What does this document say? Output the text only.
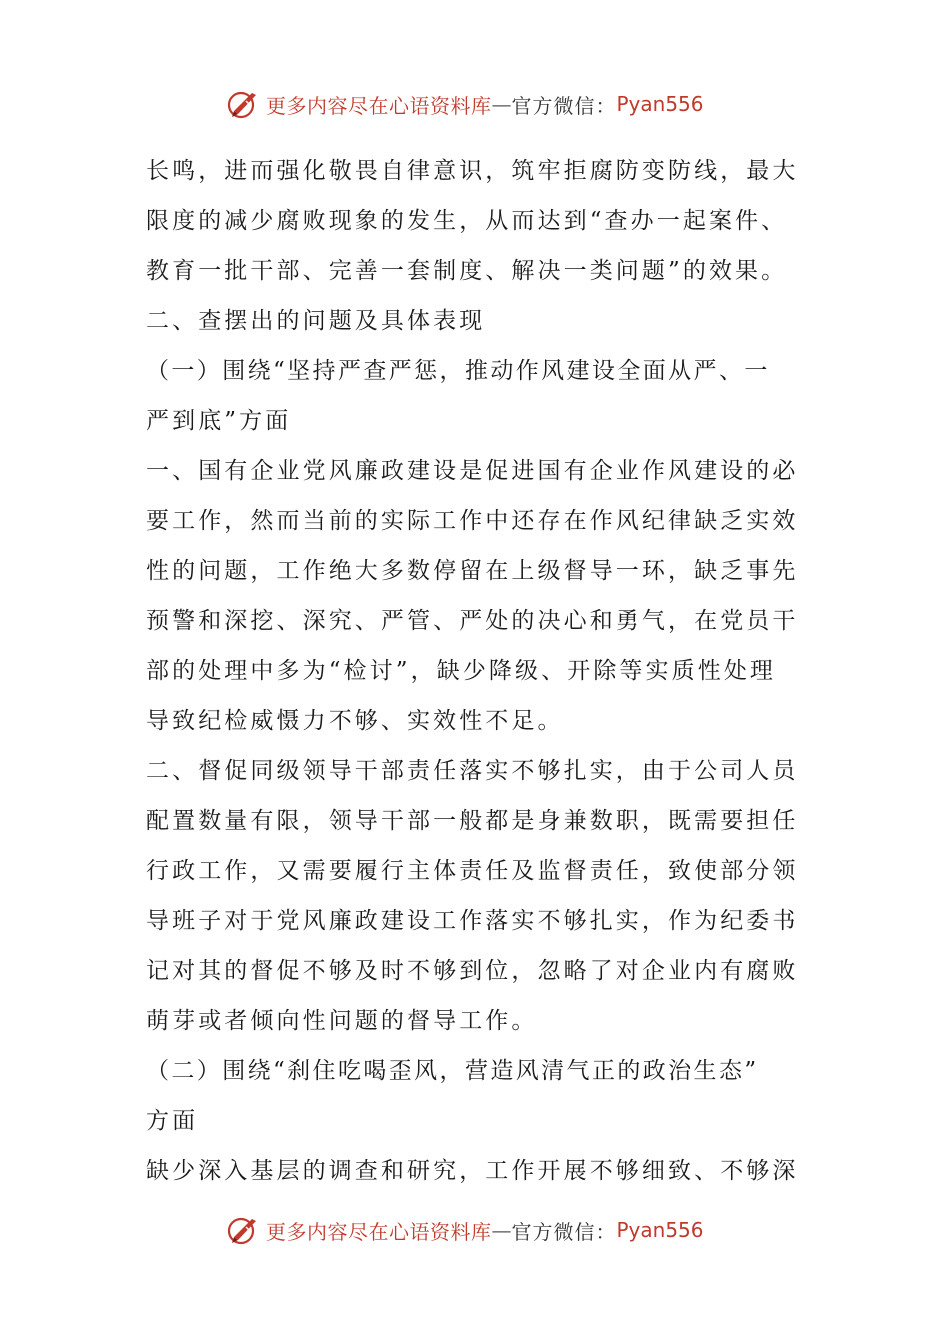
更多内容尽在心语资料库 — 官方微信： Pyan556
长鸣，进而强化敬畏自律意识，筑牢拒腐防变防线，最大
限度的减少腐败现象的发生，从而达到“查办一起案件、
教育一批干部、完善一套制度、解决一类问题”的效果。
二、查摆出的问题及具体表现
（一）围绕“坚持严查严惩，推动作风建设全面从严、一
严到底”方面
一、国有企业党风廉政建设是促进国有企业作风建设的必
要工作，然而当前的实际工作中还存在作风纪律缺乏实效
性的问题，工作绝大多数停留在上级督导一环，缺乏事先
预警和深挖、深究、严管、严处的决心和勇气，在党员干
部的处理中多为“检讨”，缺少降级、开除等实质性处理
导致纪检威慑力不够、实效性不足。
二、督促同级领导干部责任落实不够扎实，由于公司人员
配置数量有限，领导干部一般都是身兼数职，既需要担任
行政工作，又需要履行主体责任及监督责任，致使部分领
导班子对于党风廉政建设工作落实不够扎实，作为纪委书
记对其的督促不够及时不够到位，忽略了对企业内有腐败
萌芽或者倾向性问题的督导工作。
（二）围绕“刹住吃喝歪风，营造风清气正的政治生态”
方面
缺少深入基层的调查和研究，工作开展不够细致、不够深
更多内容尽在心语资料库 — 官方微信： Pyan556
